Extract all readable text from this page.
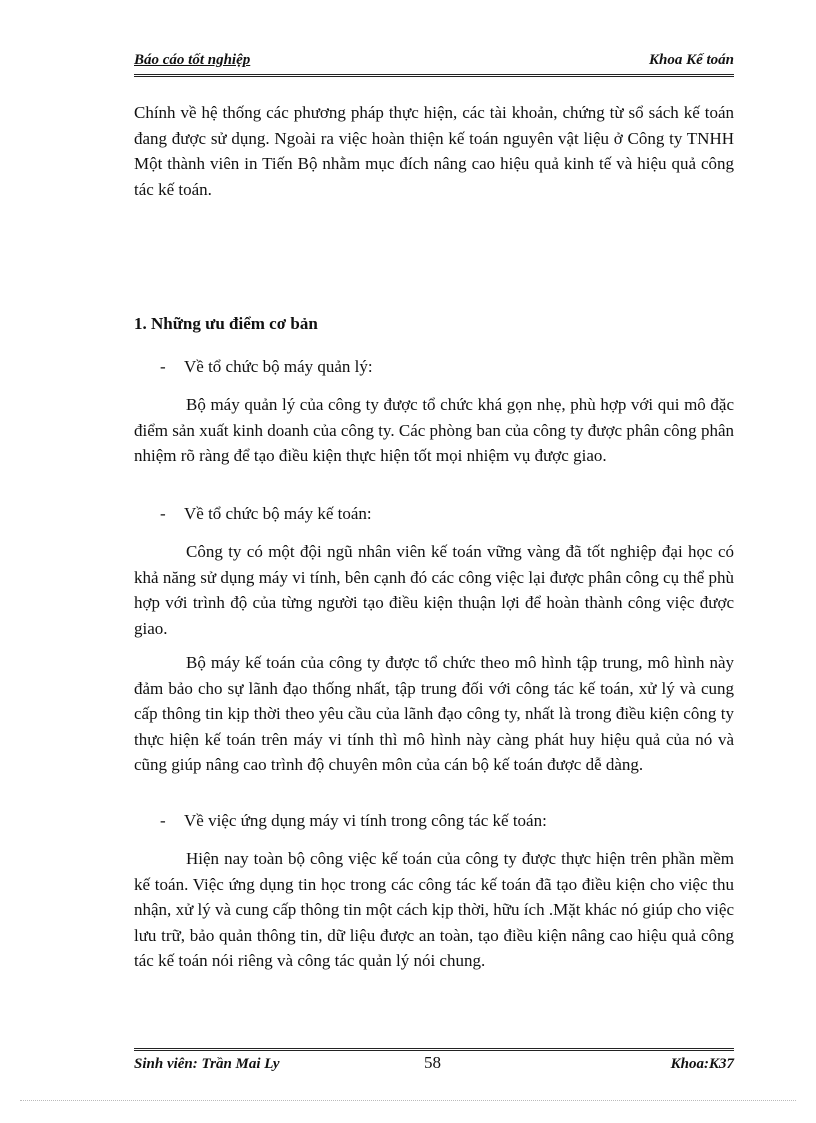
Báo cáo tốt nghiệp	Khoa Kế toán

Chính về hệ thống các phương pháp thực hiện, các tài khoản, chứng từ sổ sách kế toán đang được sử dụng. Ngoài ra việc hoàn thiện kế toán nguyên vật liệu ở Công ty TNHH Một thành viên in Tiến Bộ nhằm mục đích nâng cao hiệu quả kinh tế và hiệu quả công tác kế toán.

1. Những ưu điểm cơ bản

- Về tổ chức bộ máy quản lý:

Bộ máy quản lý của công ty được tổ chức khá gọn nhẹ, phù hợp với qui mô đặc điểm sản xuất kinh doanh của công ty. Các phòng ban của công ty được phân công phân nhiệm rõ ràng để tạo điều kiện thực hiện tốt mọi nhiệm vụ được giao.

- Về tổ chức bộ máy kế toán:

Công ty có một đội ngũ nhân viên kế toán vững vàng đã tốt nghiệp đại học có khả năng sử dụng máy vi tính, bên cạnh đó các công việc lại được phân công cụ thể phù hợp với trình độ của từng người tạo điều kiện thuận lợi để hoàn thành công việc được giao.

Bộ máy kế toán của công ty được tổ chức theo mô hình tập trung, mô hình này đảm bảo cho sự lãnh đạo thống nhất, tập trung đối với công tác kế toán, xử lý và cung cấp thông tin kịp thời theo yêu cầu của lãnh đạo công ty, nhất là trong điều kiện công ty thực hiện kế toán trên máy vi tính thì mô hình này càng phát huy hiệu quả của nó và cũng giúp nâng cao trình độ chuyên môn của cán bộ kế toán được dễ dàng.

- Về việc ứng dụng máy vi tính trong công tác kế toán:

Hiện nay toàn bộ công việc kế toán của công ty được thực hiện trên phần mềm kế toán. Việc ứng dụng tin học trong các công tác kế toán đã tạo điều kiện cho việc thu nhận, xử lý và cung cấp thông tin một cách kịp thời, hữu ích .Mặt khác nó giúp cho việc lưu trữ, bảo quản thông tin, dữ liệu được an toàn, tạo điều kiện nâng cao hiệu quả công tác kế toán nói riêng và công tác quản lý nói chung.

Sinh viên: Trần Mai Ly	58	Khoa:K37
